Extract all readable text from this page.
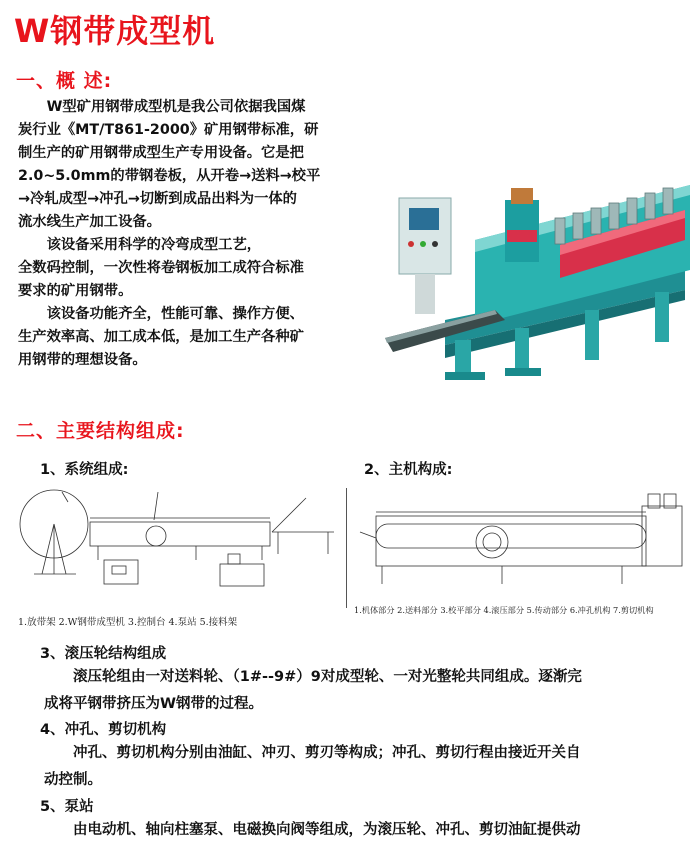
W钢带成型机
一、概 述:

W型矿用钢带成型机是我公司依据我国煤

炭行业《MT/T861-2000》矿用钢带标准，研

制生产的矿用钢带成型生产专用设备。它是把

2.0~5.0mm的带钢卷板，从开卷→送料→校平

→冷轧成型→冲孔→切断到成品出料为一体的

流水线生产加工设备。

该设备采用科学的冷弯成型工艺，

全数码控制，一次性将卷钢板加工成符合标准

要求的矿用钢带。

该设备功能齐全，性能可靠、操作方便、

生产效率高、加工成本低，是加工生产各种矿

用钢带的理想设备。

二、主要结构组成:
1、系统组成:	2、主机构成:
1.放带架 2.W钢带成型机 3.控制台 4.泵站 5.接料架
1.机体部分 2.送料部分 3.校平部分 4.滚压部分 5.传动部分 6.冲孔机构 7.剪切机构
3、滚压轮结构组成

滚压轮组由一对送料轮、（1#--9#）9对成型轮、一对光整轮共同组成。逐渐完

成将平钢带挤压为W钢带的过程。

4、冲孔、剪切机构

冲孔、剪切机构分别由油缸、冲刃、剪刃等构成；冲孔、剪切行程由接近开关自

动控制。

5、泵站

由电动机、轴向柱塞泵、电磁换向阀等组成，为滚压轮、冲孔、剪切油缸提供动
